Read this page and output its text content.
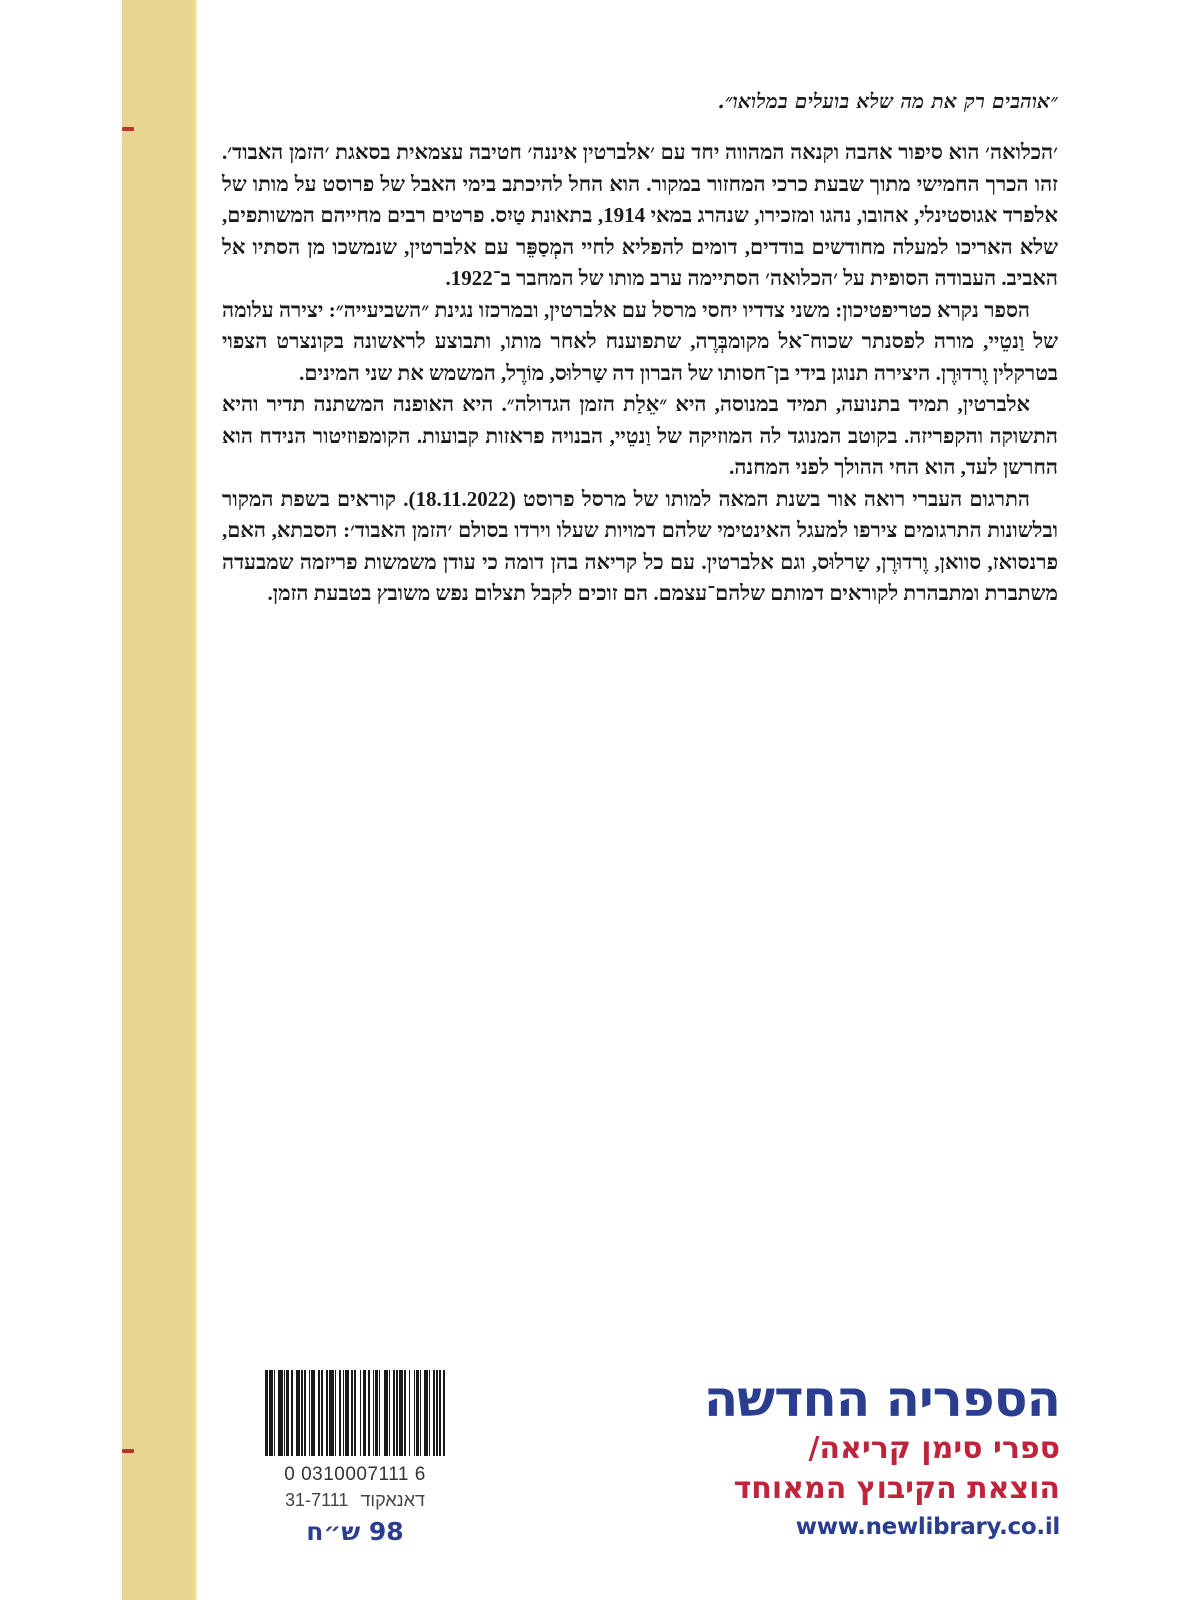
״אוהבים רק את מה שלא בועלים במלואו״.

׳הכלואה׳ הוא סיפור אהבה וקנאה המהווה יחד עם ׳אלברטין איננה׳ חטיבה עצמאית בסאגת ׳הזמן האבוד׳. זהו הכרך החמישי מתוך שבעת כרכי המחזור במקור. הוא החל להיכתב בימי האבל של פרוסט על מותו של אלפרד אגוסטינלי, אהובו, נהגו ומזכירו, שנהרג במאי 1914, בתאונת טַיִס. פרטים רבים מחייהם המשותפים, שלא האריכו למעלה מחודשים בודדים, דומים להפליא לחיי המְסַפֵּר עם אלברטין, שנמשכו מן הסתיו אל האביב. העבודה הסופית על ׳הכלואה׳ הסתיימה ערב מותו של המחבר ב־1922.

הספר נקרא כטריפטיכון: משני צדדיו יחסי מרסל עם אלברטין, ובמרכזו נגינת ״השביעייה״: יצירה עלומה של וַנטֵיי, מורה לפסנתר שכוח־אל מקומבְּרֶה, שתפוענח לאחר מותו, ותבוצע לראשונה בקונצרט הצפוי בטרקלין וֶרדוּרֶן. היצירה תנוגן בידי בן־חסותו של הברון דה שַרלוּס, מוֹרֶל, המשמש את שני המינים.

אלברטין, תמיד בתנועה, תמיד במנוסה, היא ״אֵלַת הזמן הגדולה״. היא האופנה המשתנה תדיר והיא התשוקה והקפריזה. בקוטב המנוגד לה המוזיקה של וַנטֵיי, הבנויה פראזות קבועות. הקומפוזיטור הנידח הוא החרשן לעד, הוא החי ההולך לפני המחנה.

התרגום העברי רואה אור בשנת המאה למותו של מרסל פרוסט (18.11.2022). קוראים בשפת המקור ובלשונות התרגומים צירפו למעגל האינטימי שלהם דמויות שעלו וירדו בסולם ׳הזמן האבוד׳: הסבתא, האם, פרנסואז, סוואן, וֶרדוּרֶן, שַרלוּס, וגם אלברטין. עם כל קריאה בהן דומה כי עודן משמשות פריזמה שמבעדה משתברת ומתבהרת לקוראים דמותם שלהם־עצמם. הם זוכים לקבל תצלום נפש משובץ בטבעת הזמן.

0 0310007111 6
31-7111 דאנאקוד
98 ש״ח
הספריה החדשה
ספרי סימן קריאה/
הוצאת הקיבוץ המאוחד
www.newlibrary.co.il
